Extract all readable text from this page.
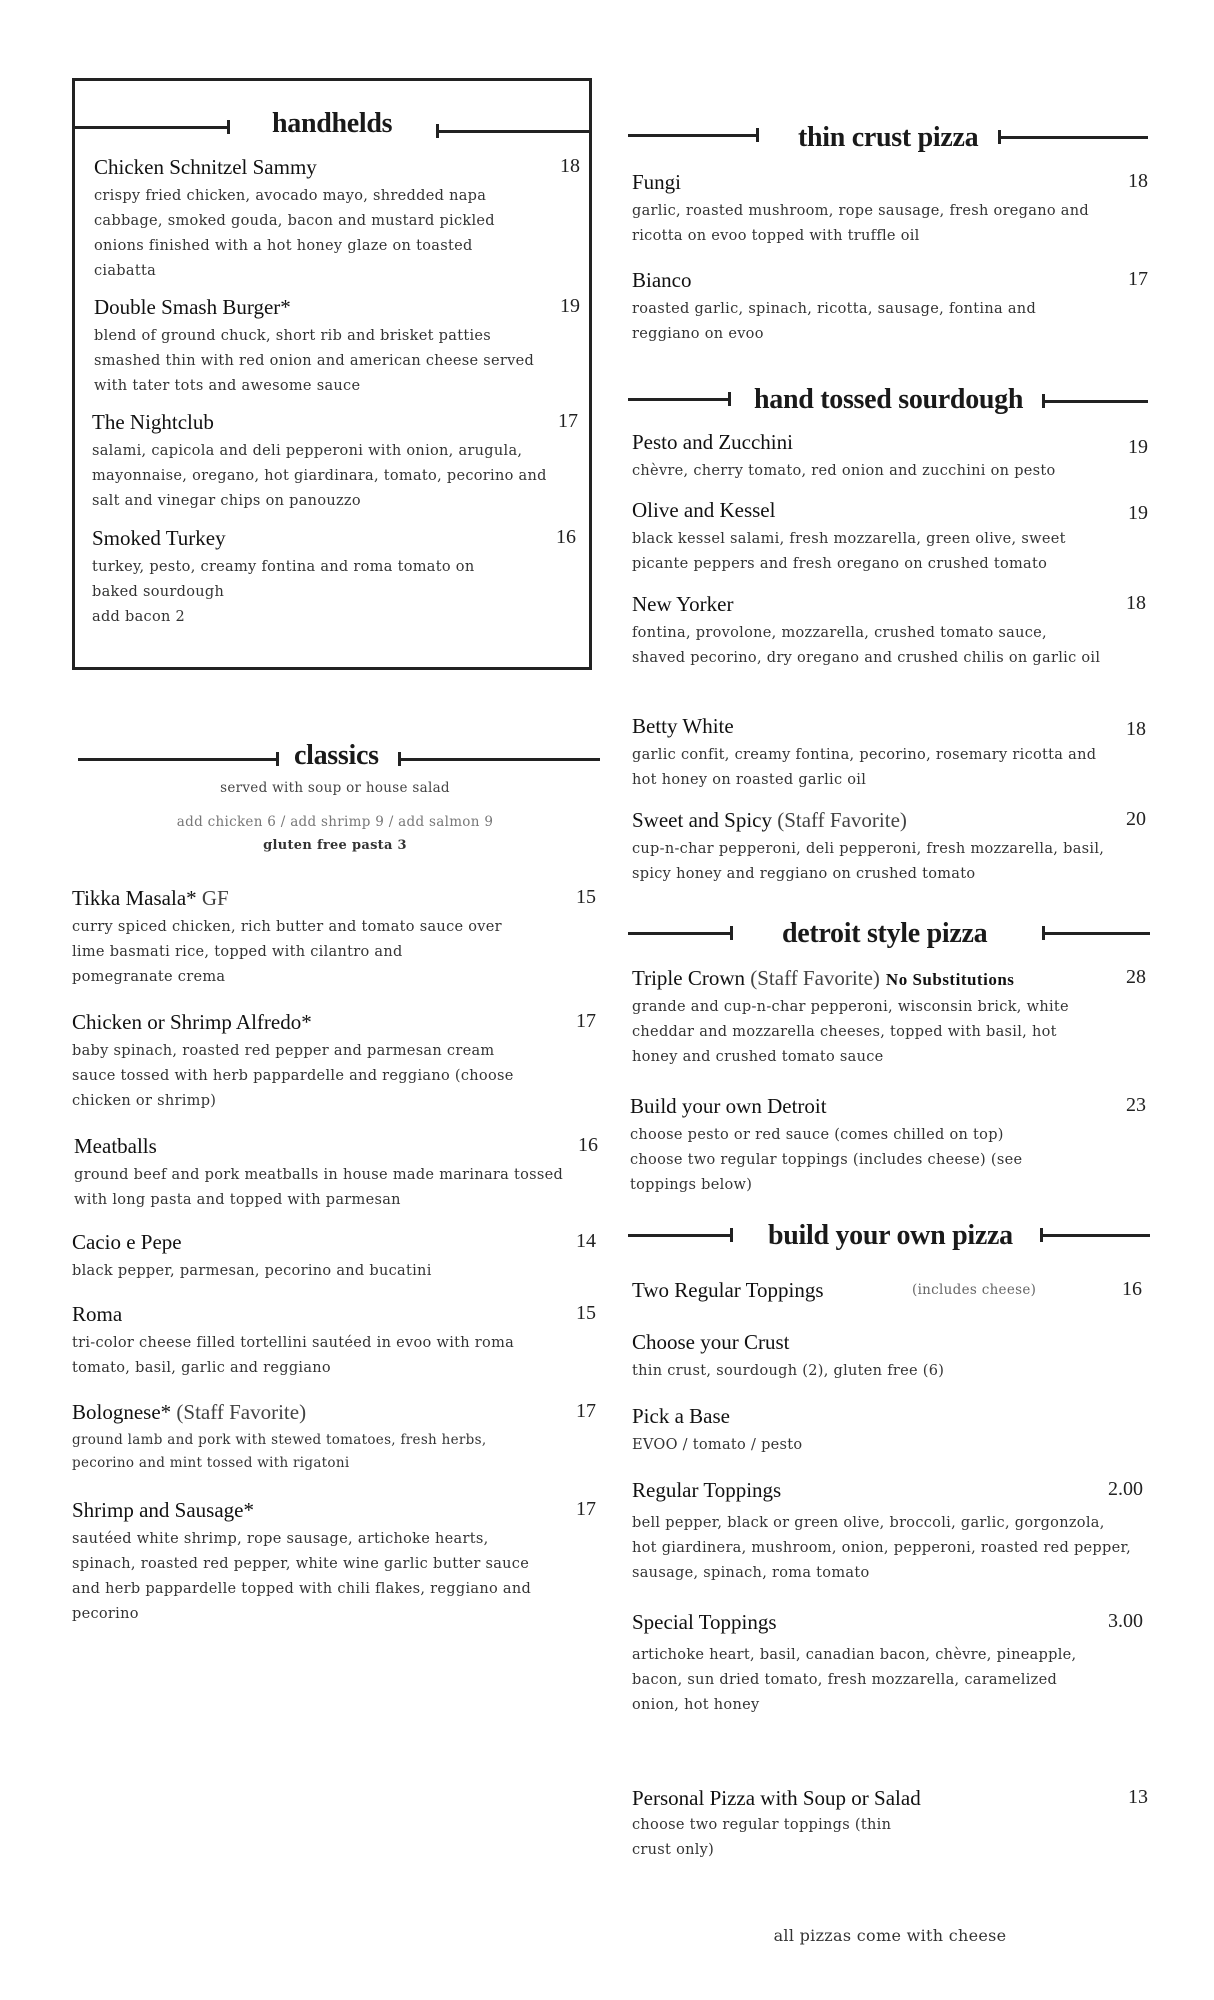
handhelds
Chicken Schnitzel Sammy	18
crispy fried chicken, avocado mayo, shredded napa cabbage, smoked gouda, bacon and mustard pickled onions finished with a hot honey glaze on toasted ciabatta
Double Smash Burger*	19
blend of ground chuck, short rib and brisket patties smashed thin with red onion and american cheese served with tater tots and awesome sauce
The Nightclub	17
salami, capicola and deli pepperoni with onion, arugula, mayonnaise, oregano, hot giardinara, tomato, pecorino and salt and vinegar chips on panouzzo
Smoked Turkey	16
turkey, pesto, creamy fontina and roma tomato on baked sourdough
add bacon 2
classics
served with soup or house salad
add chicken 6 / add shrimp 9 / add salmon 9
gluten free pasta 3
Tikka Masala* GF	15
curry spiced chicken, rich butter and tomato sauce over lime basmati rice, topped with cilantro and pomegranate crema
Chicken or Shrimp Alfredo*	17
baby spinach, roasted red pepper and parmesan cream sauce tossed with herb pappardelle and reggiano (choose chicken or shrimp)
Meatballs	16
ground beef and pork meatballs in house made marinara tossed with long pasta and topped with parmesan
Cacio e Pepe	14
black pepper, parmesan, pecorino and bucatini
Roma	15
tri-color cheese filled tortellini sautéed in evoo with roma tomato, basil, garlic and reggiano
Bolognese* (Staff Favorite)	17
ground lamb and pork with stewed tomatoes, fresh herbs, pecorino and mint tossed with rigatoni
Shrimp and Sausage*	17
sautéed white shrimp, rope sausage, artichoke hearts, spinach, roasted red pepper, white wine garlic butter sauce and herb pappardelle topped with chili flakes, reggiano and pecorino
thin crust pizza
Fungi	18
garlic, roasted mushroom, rope sausage, fresh oregano and ricotta on evoo topped with truffle oil
Bianco	17
roasted garlic, spinach, ricotta, sausage, fontina and reggiano on evoo
hand tossed sourdough
Pesto and Zucchini	19
chèvre, cherry tomato, red onion and zucchini on pesto
Olive and Kessel	19
black kessel salami, fresh mozzarella, green olive, sweet picante peppers and fresh oregano on crushed tomato
New Yorker	18
fontina, provolone, mozzarella, crushed tomato sauce, shaved pecorino, dry oregano and crushed chilis on garlic oil
Betty White	18
garlic confit, creamy fontina, pecorino, rosemary ricotta and hot honey on roasted garlic oil
Sweet and Spicy (Staff Favorite)	20
cup-n-char pepperoni, deli pepperoni, fresh mozzarella, basil, spicy honey and reggiano on crushed tomato
detroit style pizza
Triple Crown (Staff Favorite) No Substitutions	28
grande and cup-n-char pepperoni, wisconsin brick, white cheddar and mozzarella cheeses, topped with basil, hot honey and crushed tomato sauce
Build your own Detroit	23
choose pesto or red sauce (comes chilled on top) choose two regular toppings (includes cheese) (see toppings below)
build your own pizza
Two Regular Toppings	(includes cheese)	16
Choose your Crust
thin crust, sourdough (2), gluten free (6)
Pick a Base
EVOO / tomato / pesto
Regular Toppings	2.00
bell pepper, black or green olive, broccoli, garlic, gorgonzola, hot giardinera, mushroom, onion, pepperoni, roasted red pepper, sausage, spinach, roma tomato
Special Toppings	3.00
artichoke heart, basil, canadian bacon, chèvre, pineapple, bacon, sun dried tomato, fresh mozzarella, caramelized onion, hot honey
Personal Pizza with Soup or Salad	13
choose two regular toppings (thin crust only)
all pizzas come with cheese
